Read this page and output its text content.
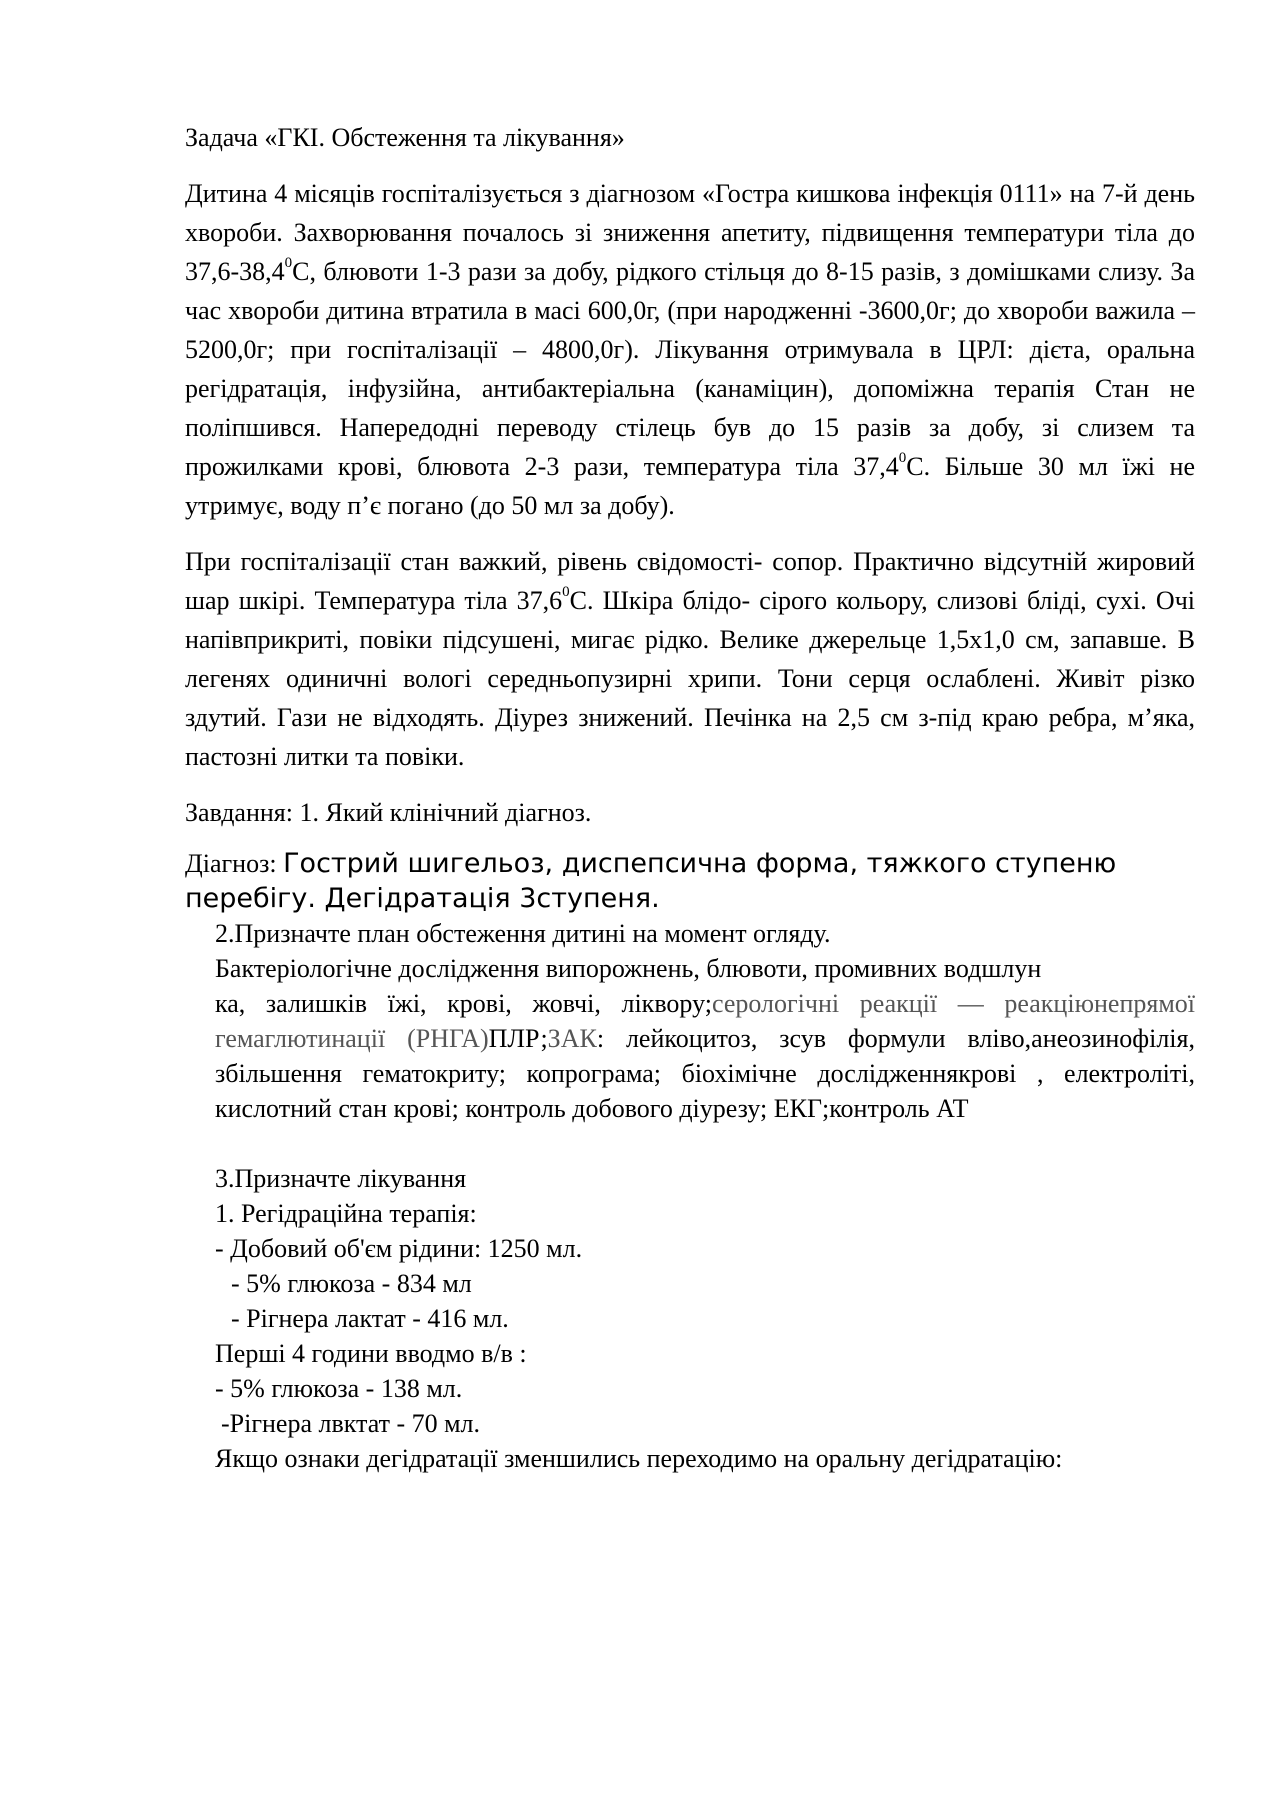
Задача «ГКІ. Обстеження та лікування»

Дитина 4 місяців госпіталізується з діагнозом «Гостра кишкова інфекція 0111» на 7-й день хвороби. Захворювання почалось зі зниження апетиту, підвищення температури тіла до 37,6-38,4$^0$С, блювоти 1-3 рази за добу, рідкого стільця до 8-15 разів, з домішками слизу. За час хвороби дитина втратила в масі 600,0г, (при народженні -3600,0г; до хвороби важила – 5200,0г; при госпіталізації – 4800,0г). Лікування отримувала в ЦРЛ: дієта, оральна регідратація, інфузійна, антибактеріальна (канаміцин), допоміжна терапія Стан не поліпшився. Напередодні переводу стілець був до 15 разів за добу, зі слизем та прожилками крові, блювота 2-3 рази, температура тіла 37,4$^0$С. Більше 30 мл їжі не утримує, воду п’є погано (до 50 мл за добу).

При госпіталізації стан важкий, рівень свідомості- сопор. Практично відсутній жировий шар шкірі. Температура тіла 37,6$^0$С. Шкіра блідо- сірого кольору, слизові бліді, сухі. Очі напівприкриті, повіки підсушені, мигає рідко. Велике джерельце 1,5х1,0 см, запавше. В легенях одиничні вологі середньопузирні хрипи. Тони серця ослаблені. Живіт різко здутий. Гази не відходять. Діурез знижений. Печінка на 2,5 см з-під краю ребра, м’яка, пастозні литки та повіки.

Завдання: 1. Який клінічний діагноз.

Діагноз: Гострий шигельоз, диспепсична форма, тяжкого ступеню перебігу. Дегідратація 3ступеня.

2.Призначте план обстеження дитині на момент огляду.
Бактеріологічне дослідження випорожнень, блювоти, промивних водшлун
ка, залишків їжі, крові, жовчі, ліквору;серологічні реакції — реакціюнепрямої гемаглютинації (РНГА)ПЛР;ЗАК: лейкоцитоз, зсув формули вліво,анеозинофілія, збільшення гематокриту; копрограма; біохімічне дослідженнякрові , електроліті, кислотний стан крові; контроль добового діурезу; ЕКГ;контроль АТ
3.Призначте лікування
1. Регідраційна терапія:
- Добовий об'єм рідини: 1250 мл.
- 5% глюкоза - 834 мл
- Рігнера лактат - 416 мл.
Перші 4 години вводмо в/в :
- 5% глюкоза - 138 мл.
-Рігнера лвктат - 70 мл.
Якщо ознаки дегідратації зменшились переходимо на оральну дегідратацію:
